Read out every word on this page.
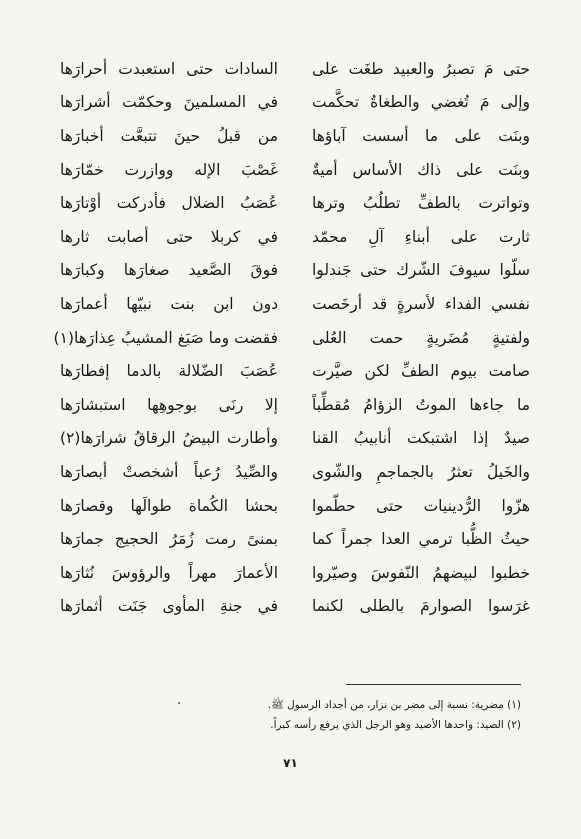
حتى مَ تصبرُ والعبيد طغَت على
السادات حتى استعبدت أحرارَها
وإلى مَ تُغضي والطغاةُ تحكَّمت
في المسلمينَ وحكمّت أشرارَها
وبنَت على ما أسست آباؤها
من قبلُ حينَ تتبعَّت أخبارَها
وبنَت على ذاك الأساس أميةٌ
غَصْبَ الإله ووازرت خمّارَها
وتواترت بالطفِّ تطلُبُ وترها
عُصَبُ الضلال فأدركت أوْتارَها
ثارت على أبناءِ آلِ محمّد
في كربلا حتى أصابت ثارها
سلّوا سيوفَ الشّرك حتى جَندلوا
فوقَ الصَّعيد صغارَها وكبارَها
نفسي الفداء لأسرةٍ قد أرخَصت
دون ابن بنت نبيّها أعمارَها
ولفتيةٍ مُضَريةٍ حمت العُلى
فقضت وما صَبَغ المشيبُ عِذارَها(١)
صامت بيوم الطفِّ لكن صيَّرت
عُصَبَ الضّلالة بالدما إفطارَها
ما جاءها الموتُ الزؤامُ مُقطِّباً
إلا رنَى بوجوهِها استبشارَها
صيدٌ إذا اشتبكت أنابيبُ القنا
وأطارت البيضُ الرقاقُ شرارَها(٢)
والخَيلُ تعثرُ بالجماجمِ والشّوى
والصِّيدُ رُعباً أشخصتْ أبصارَها
هزّوا الرُّدينيات حتى حطّموا
بحشا الكُماة طوالَها وقصارَها
حيثُ الظُّبا ترمي العدا جمراً كما
بمنىً رمت زُمَرُ الحجيج جمارَها
خطبوا لبيضهمُ النّفوسَ وصيّروا
الأعمارَ مهراً والرؤوسَ نُثارَها
غرَسوا الصوارمَ بالطلى لكنما
في جنةِ المأوى جَنَت أثمارَها
(١) مضرية: نسبة إلى مضر بن نزار، من أجداد الرسول ﷺ.
(٢) الصيد: واحدها الأصيد وهو الرجل الذي يرفع رأسه كبراً.
٧١
